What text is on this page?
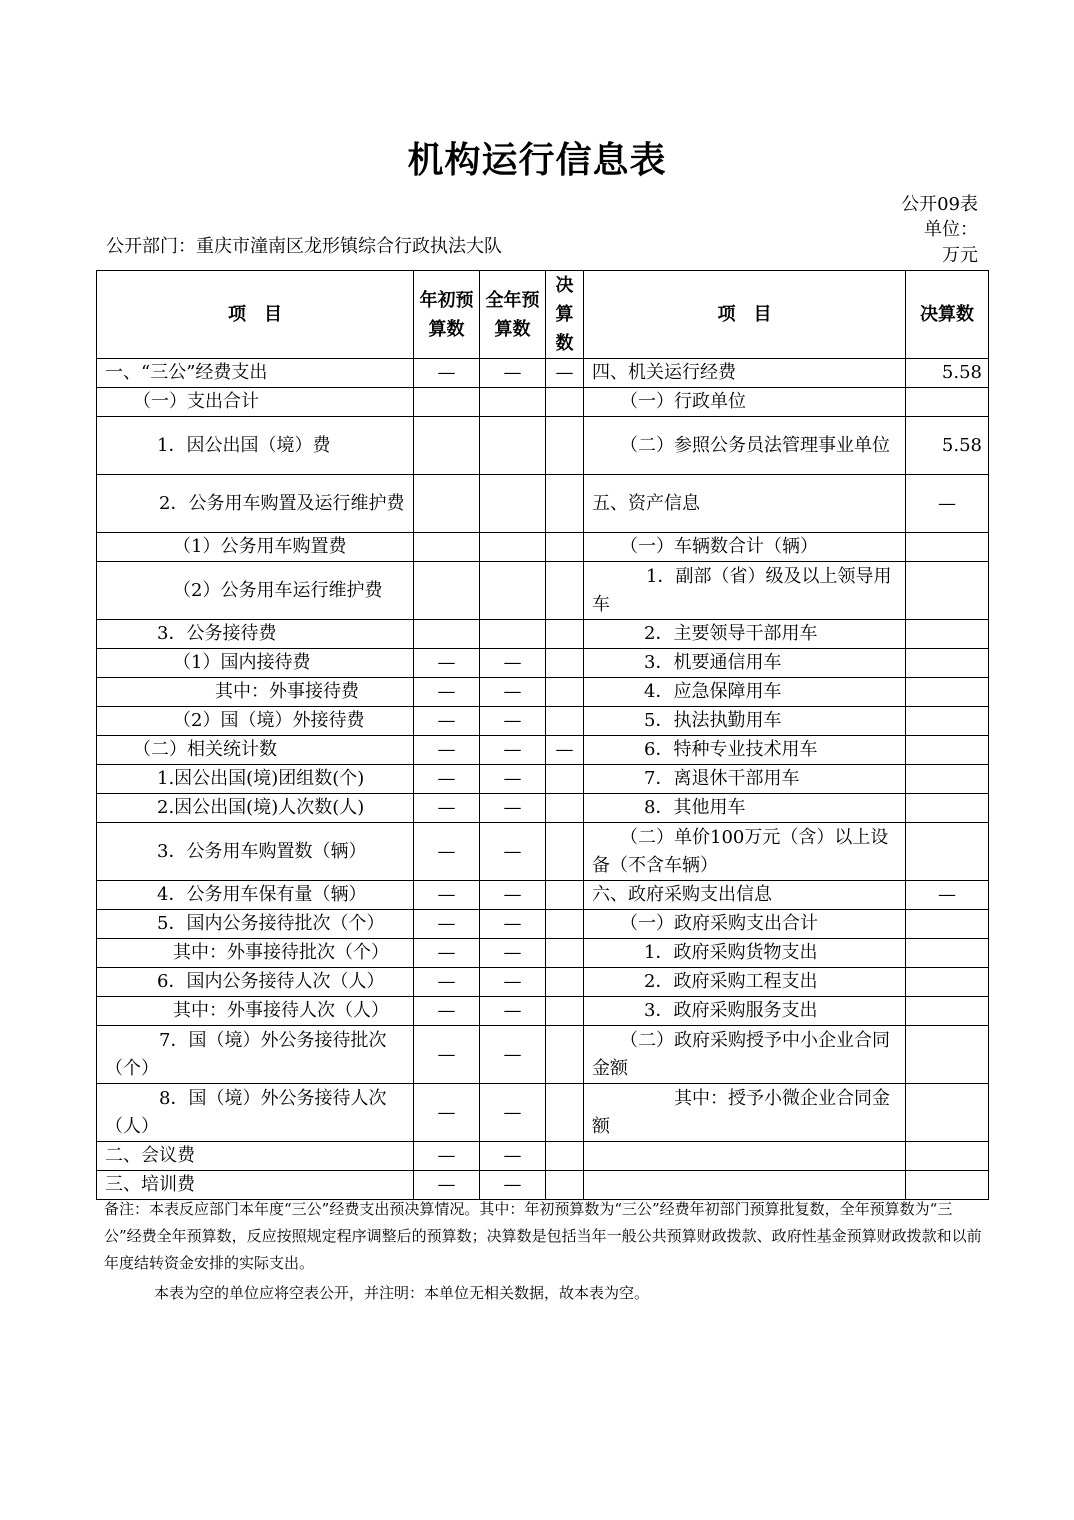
机构运行信息表
公开09表
单位：
万元
公开部门：重庆市潼南区龙形镇综合行政执法大队
项　目	年初预算数	全年预算数	决算数	项　目	决算数
一、“三公”经费支出	—	—	—	四、机关运行经费	5.58
（一）支出合计				（一）行政单位	
1．因公出国（境）费				（二）参照公务员法管理事业单位	5.58
2．公务用车购置及运行维护费				五、资产信息	—
（1）公务用车购置费				（一）车辆数合计（辆）	
（2）公务用车运行维护费				1．副部（省）级及以上领导用车	
3．公务接待费				2．主要领导干部用车	
（1）国内接待费	—	—		3．机要通信用车	
其中：外事接待费	—	—		4．应急保障用车	
（2）国（境）外接待费	—	—		5．执法执勤用车	
（二）相关统计数	—	—	—	6．特种专业技术用车	
1.因公出国(境)团组数(个)	—	—		7．离退休干部用车	
2.因公出国(境)人次数(人)	—	—		8．其他用车	
3．公务用车购置数（辆）	—	—		（二）单价100万元（含）以上设备（不含车辆）	
4．公务用车保有量（辆）	—	—		六、政府采购支出信息	—
5．国内公务接待批次（个）	—	—		（一）政府采购支出合计	
其中：外事接待批次（个）	—	—		1．政府采购货物支出	
6．国内公务接待人次（人）	—	—		2．政府采购工程支出	
其中：外事接待人次（人）	—	—		3．政府采购服务支出	
7．国（境）外公务接待批次（个）	—	—		（二）政府采购授予中小企业合同金额	
8．国（境）外公务接待人次（人）	—	—		其中：授予小微企业合同金额	
二、会议费	—	—			
三、培训费	—	—			
备注：本表反应部门本年度“三公”经费支出预决算情况。其中：年初预算数为“三公”经费年初部门预算批复数，全年预算数为“三公”经费全年预算数，反应按照规定程序调整后的预算数；决算数是包括当年一般公共预算财政拨款、政府性基金预算财政拨款和以前年度结转资金安排的实际支出。
本表为空的单位应将空表公开，并注明：本单位无相关数据，故本表为空。
